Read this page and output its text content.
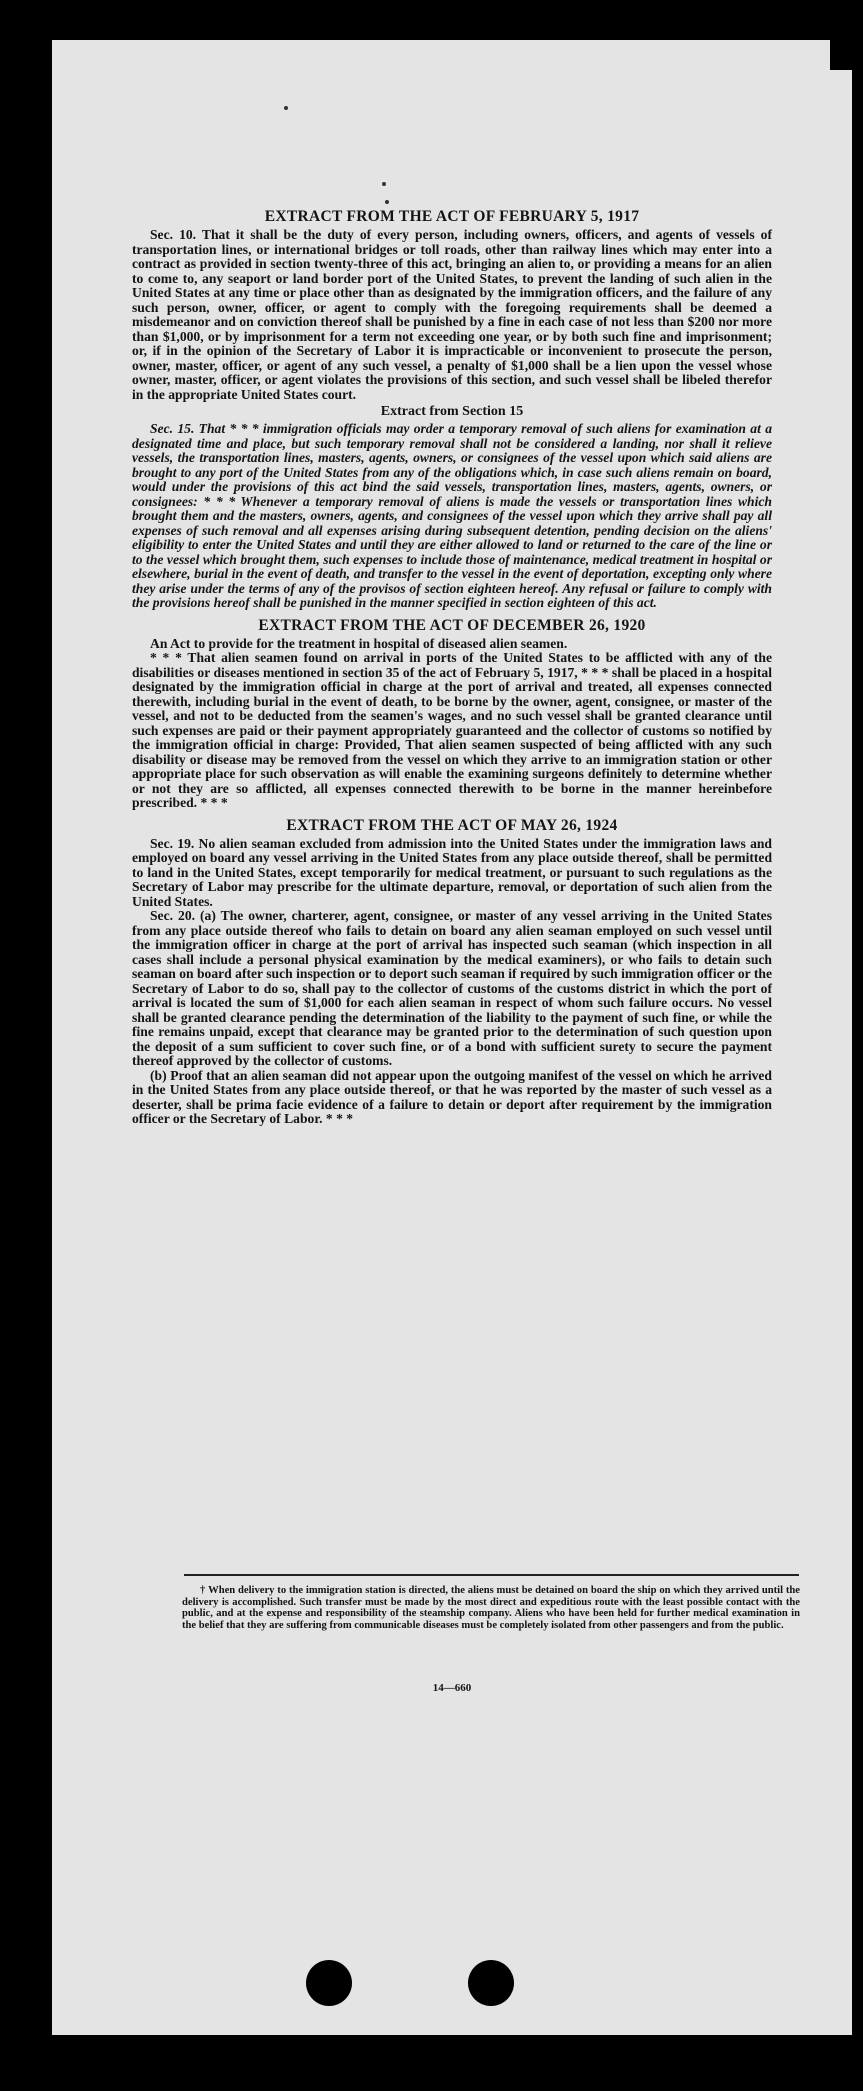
EXTRACT FROM THE ACT OF FEBRUARY 5, 1917

Sec. 10. That it shall be the duty of every person, including owners, officers, and agents of vessels of transportation lines, or international bridges or toll roads, other than railway lines which may enter into a contract as provided in section twenty-three of this act, bringing an alien to, or providing a means for an alien to come to, any seaport or land border port of the United States, to prevent the landing of such alien in the United States at any time or place other than as designated by the immigration officers, and the failure of any such person, owner, officer, or agent to comply with the foregoing requirements shall be deemed a misdemeanor and on conviction thereof shall be punished by a fine in each case of not less than $200 nor more than $1,000, or by imprisonment for a term not exceeding one year, or by both such fine and imprisonment; or, if in the opinion of the Secretary of Labor it is impracticable or inconvenient to prosecute the person, owner, master, officer, or agent of any such vessel, a penalty of $1,000 shall be a lien upon the vessel whose owner, master, officer, or agent violates the provisions of this section, and such vessel shall be libeled therefor in the appropriate United States court.

Extract from Section 15

Sec. 15. That * * * immigration officials may order a temporary removal of such aliens for examination at a designated time and place, but such temporary removal shall not be considered a landing, nor shall it relieve vessels, the transportation lines, masters, agents, owners, or consignees of the vessel upon which said aliens are brought to any port of the United States from any of the obligations which, in case such aliens remain on board, would under the provisions of this act bind the said vessels, transportation lines, masters, agents, owners, or consignees: * * * Whenever a temporary removal of aliens is made the vessels or transportation lines which brought them and the masters, owners, agents, and consignees of the vessel upon which they arrive shall pay all expenses of such removal and all expenses arising during subsequent detention, pending decision on the aliens' eligibility to enter the United States and until they are either allowed to land or returned to the care of the line or to the vessel which brought them, such expenses to include those of maintenance, medical treatment in hospital or elsewhere, burial in the event of death, and transfer to the vessel in the event of deportation, excepting only where they arise under the terms of any of the provisos of section eighteen hereof. Any refusal or failure to comply with the provisions hereof shall be punished in the manner specified in section eighteen of this act.

EXTRACT FROM THE ACT OF DECEMBER 26, 1920

An Act to provide for the treatment in hospital of diseased alien seamen.

* * * That alien seamen found on arrival in ports of the United States to be afflicted with any of the disabilities or diseases mentioned in section 35 of the act of February 5, 1917, * * * shall be placed in a hospital designated by the immigration official in charge at the port of arrival and treated, all expenses connected therewith, including burial in the event of death, to be borne by the owner, agent, consignee, or master of the vessel, and not to be deducted from the seamen's wages, and no such vessel shall be granted clearance until such expenses are paid or their payment appropriately guaranteed and the collector of customs so notified by the immigration official in charge: Provided, That alien seamen suspected of being afflicted with any such disability or disease may be removed from the vessel on which they arrive to an immigration station or other appropriate place for such observation as will enable the examining surgeons definitely to determine whether or not they are so afflicted, all expenses connected therewith to be borne in the manner hereinbefore prescribed. * * *

EXTRACT FROM THE ACT OF MAY 26, 1924

Sec. 19. No alien seaman excluded from admission into the United States under the immigration laws and employed on board any vessel arriving in the United States from any place outside thereof, shall be permitted to land in the United States, except temporarily for medical treatment, or pursuant to such regulations as the Secretary of Labor may prescribe for the ultimate departure, removal, or deportation of such alien from the United States.

Sec. 20. (a) The owner, charterer, agent, consignee, or master of any vessel arriving in the United States from any place outside thereof who fails to detain on board any alien seaman employed on such vessel until the immigration officer in charge at the port of arrival has inspected such seaman (which inspection in all cases shall include a personal physical examination by the medical examiners), or who fails to detain such seaman on board after such inspection or to deport such seaman if required by such immigration officer or the Secretary of Labor to do so, shall pay to the collector of customs of the customs district in which the port of arrival is located the sum of $1,000 for each alien seaman in respect of whom such failure occurs. No vessel shall be granted clearance pending the determination of the liability to the payment of such fine, or while the fine remains unpaid, except that clearance may be granted prior to the determination of such question upon the deposit of a sum sufficient to cover such fine, or of a bond with sufficient surety to secure the payment thereof approved by the collector of customs.

(b) Proof that an alien seaman did not appear upon the outgoing manifest of the vessel on which he arrived in the United States from any place outside thereof, or that he was reported by the master of such vessel as a deserter, shall be prima facie evidence of a failure to detain or deport after requirement by the immigration officer or the Secretary of Labor. * * *

† When delivery to the immigration station is directed, the aliens must be detained on board the ship on which they arrived until the delivery is accomplished. Such transfer must be made by the most direct and expeditious route with the least possible contact with the public, and at the expense and responsibility of the steamship company. Aliens who have been held for further medical examination in the belief that they are suffering from communicable diseases must be completely isolated from other passengers and from the public.

14—660
